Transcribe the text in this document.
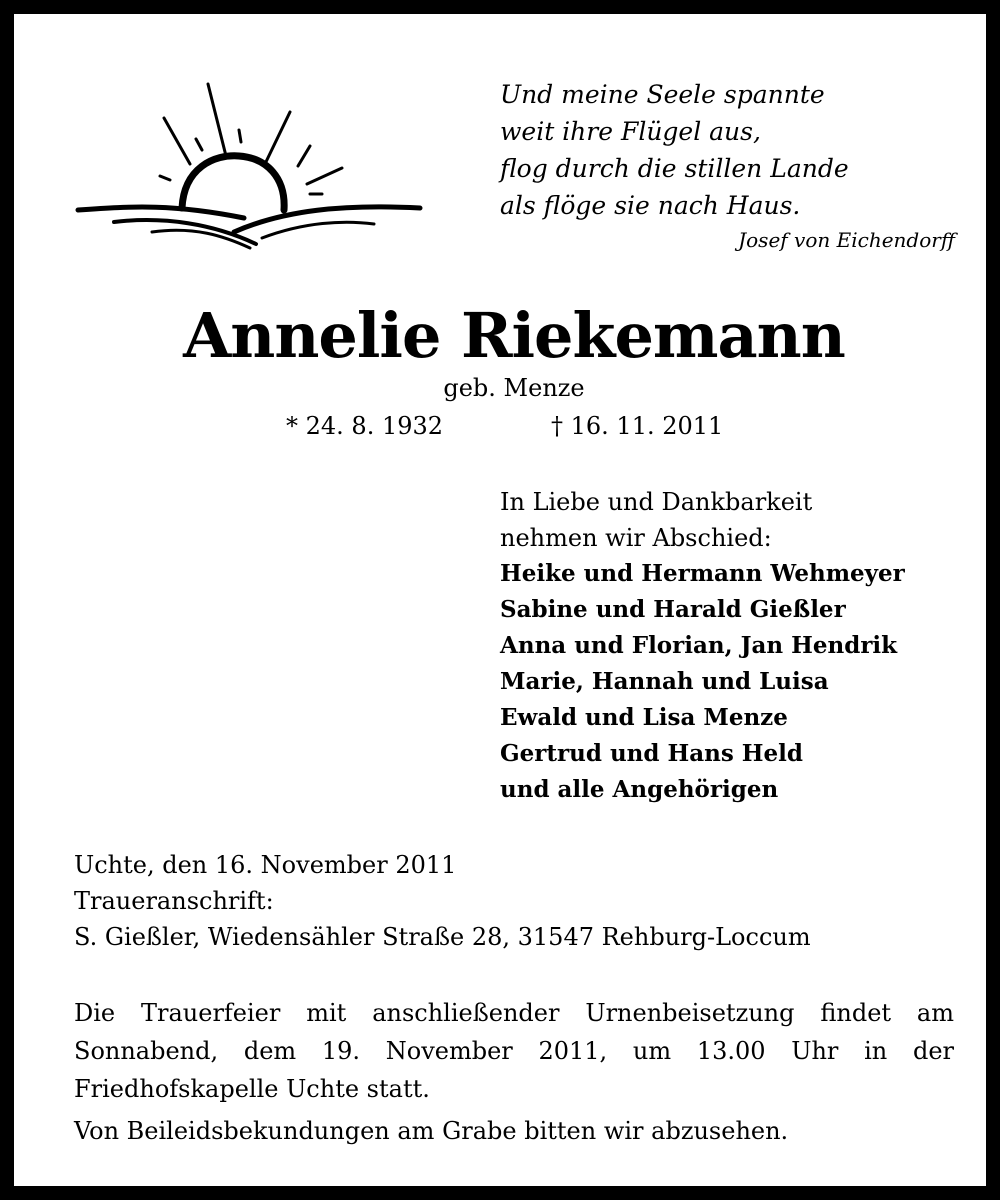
Und meine Seele spannte
weit ihre Flügel aus,
flog durch die stillen Lande
als flöge sie nach Haus.
Josef von Eichendorff
Annelie Riekemann
geb. Menze
* 24. 8. 1932	† 16. 11. 2011
In Liebe und Dankbarkeit
nehmen wir Abschied:
Heike und Hermann Wehmeyer
Sabine und Harald Gießler
Anna und Florian, Jan Hendrik
Marie, Hannah und Luisa
Ewald und Lisa Menze
Gertrud und Hans Held
und alle Angehörigen
Uchte, den 16. November 2011
Traueranschrift:
S. Gießler, Wiedensähler Straße 28, 31547 Rehburg-Loccum
Die Trauerfeier mit anschließender Urnenbeisetzung findet am Sonnabend, dem 19. November 2011, um 13.00 Uhr in der Friedhofskapelle Uchte statt.
Von Beileidsbekundungen am Grabe bitten wir abzusehen.
